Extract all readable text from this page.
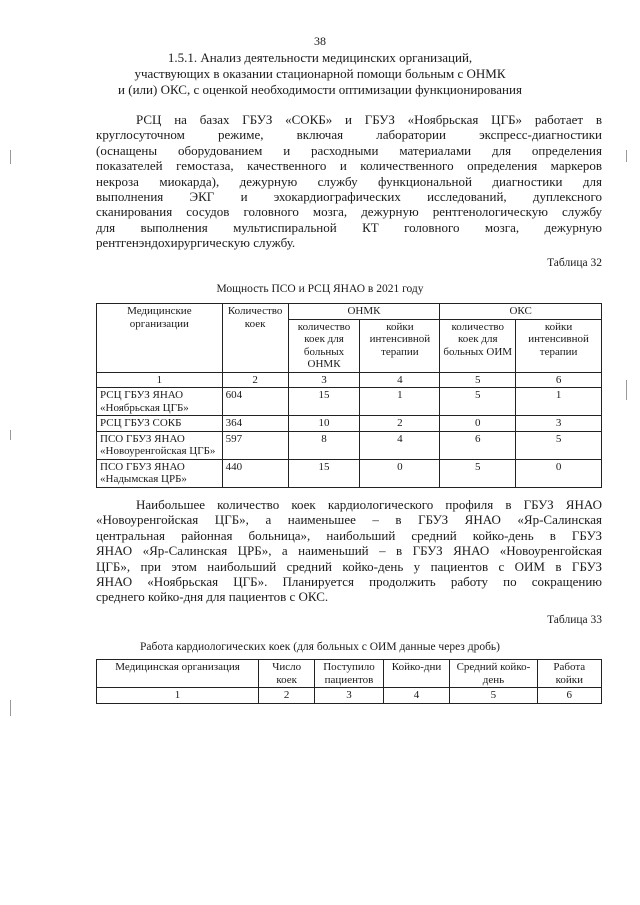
38
1.5.1. Анализ деятельности медицинских организаций,
участвующих в оказании стационарной помощи больным с ОНМК
и (или) ОКС, с оценкой необходимости оптимизации функционирования
РСЦ на базах ГБУЗ «СОКБ» и ГБУЗ «Ноябрьская ЦГБ» работает в
круглосуточном режиме, включая лаборатории экспресс-диагностики
(оснащены оборудованием и расходными материалами для определения
показателей гемостаза, качественного и количественного определения маркеров
некроза миокарда), дежурную службу функциональной диагностики для
выполнения ЭКГ и эхокардиографических исследований, дуплексного
сканирования сосудов головного мозга, дежурную рентгенологическую службу
для выполнения мультиспиральной КТ головного мозга, дежурную
рентгенэндохирургическую службу.
Таблица 32
Мощность ПСО и РСЦ ЯНАО в 2021 году
Медицинские организации	Количество коек	ОНМК		ОКС	
		количество коек для больных ОНМК	койки интенсивной терапии	количество коек для больных ОИМ	койки интенсивной терапии
1	2	3	4	5	6
РСЦ ГБУЗ ЯНАО «Ноябрьская ЦГБ»	604	15	1	5	1
РСЦ ГБУЗ СОКБ	364	10	2	0	3
ПСО ГБУЗ ЯНАО «Новоуренгойская ЦГБ»	597	8	4	6	5
ПСО ГБУЗ ЯНАО «Надымская ЦРБ»	440	15	0	5	0
Наибольшее количество коек кардиологического профиля в ГБУЗ ЯНАО
«Новоуренгойская ЦГБ», а наименьшее – в ГБУЗ ЯНАО «Яр-Салинская
центральная районная больница», наибольший средний койко-день в ГБУЗ
ЯНАО «Яр-Салинская ЦРБ», а наименьший – в ГБУЗ ЯНАО «Новоуренгойская
ЦГБ», при этом наибольший средний койко-день у пациентов с ОИМ в ГБУЗ
ЯНАО «Ноябрьская ЦГБ». Планируется продолжить работу по сокращению
среднего койко-дня для пациентов с ОКС.
Таблица 33
Работа кардиологических коек (для больных с ОИМ данные через дробь)
Медицинская организация	Число коек	Поступило пациентов	Койко-дни	Средний койко-день	Работа койки
1	2	3	4	5	6
